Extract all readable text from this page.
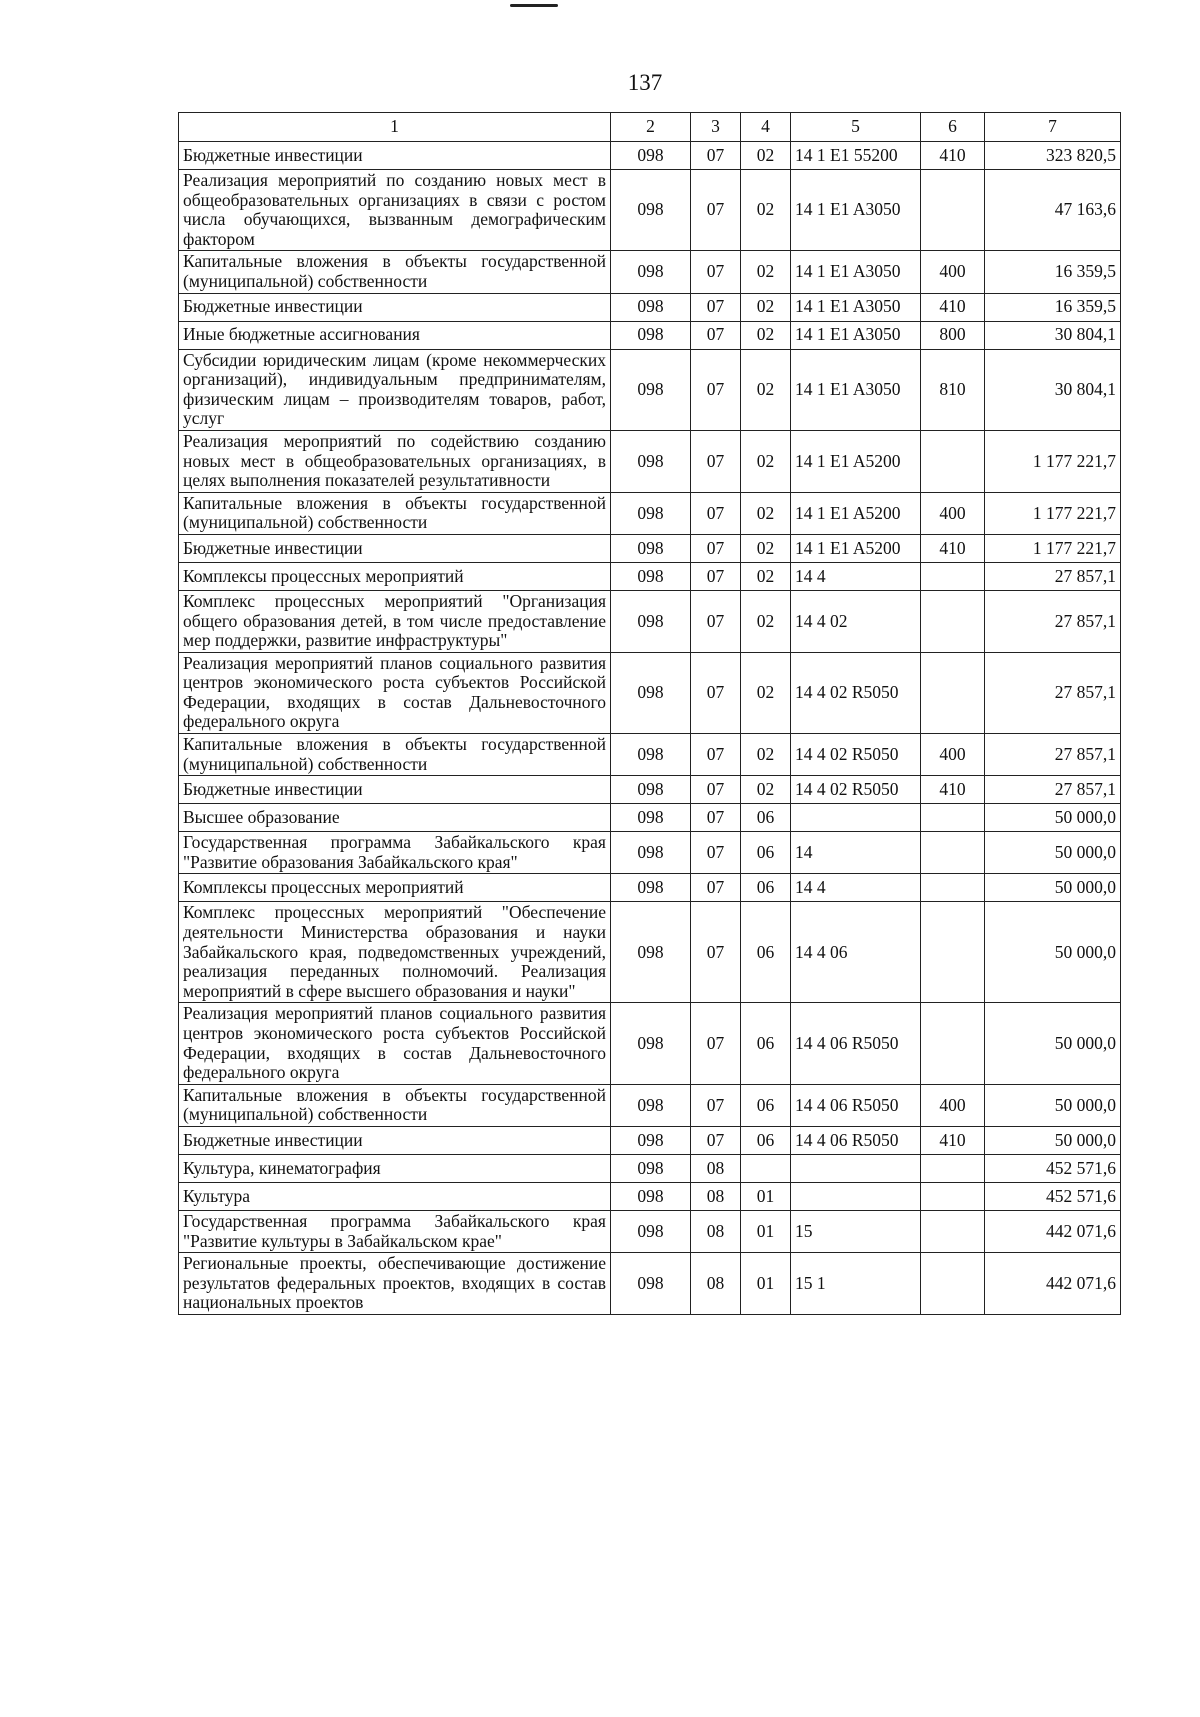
137
1	2	3	4	5	6	7
Бюджетные инвестиции	098	07	02	14 1 E1 55200	410	323 820,5
Реализация мероприятий по созданию новых мест в общеобразовательных организациях в связи с ростом числа обучающихся, вызванным демографическим фактором	098	07	02	14 1 E1 A3050		47 163,6
Капитальные вложения в объекты государственной (муниципальной) собственности	098	07	02	14 1 E1 A3050	400	16 359,5
Бюджетные инвестиции	098	07	02	14 1 E1 A3050	410	16 359,5
Иные бюджетные ассигнования	098	07	02	14 1 E1 A3050	800	30 804,1
Субсидии юридическим лицам (кроме некоммерческих организаций), индивидуальным предпринимателям, физическим лицам – производителям товаров, работ, услуг	098	07	02	14 1 E1 A3050	810	30 804,1
Реализация мероприятий по содействию созданию новых мест в общеобразовательных организациях, в целях выполнения показателей результативности	098	07	02	14 1 E1 A5200		1 177 221,7
Капитальные вложения в объекты государственной (муниципальной) собственности	098	07	02	14 1 E1 A5200	400	1 177 221,7
Бюджетные инвестиции	098	07	02	14 1 E1 A5200	410	1 177 221,7
Комплексы процессных мероприятий	098	07	02	14 4		27 857,1
Комплекс процессных мероприятий "Организация общего образования детей, в том числе предоставление мер поддержки, развитие инфраструктуры"	098	07	02	14 4 02		27 857,1
Реализация мероприятий планов социального развития центров экономического роста субъектов Российской Федерации, входящих в состав Дальневосточного федерального округа	098	07	02	14 4 02 R5050		27 857,1
Капитальные вложения в объекты государственной (муниципальной) собственности	098	07	02	14 4 02 R5050	400	27 857,1
Бюджетные инвестиции	098	07	02	14 4 02 R5050	410	27 857,1
Высшее образование	098	07	06			50 000,0
Государственная программа Забайкальского края "Развитие образования Забайкальского края"	098	07	06	14		50 000,0
Комплексы процессных мероприятий	098	07	06	14 4		50 000,0
Комплекс процессных мероприятий "Обеспечение деятельности Министерства образования и науки Забайкальского края, подведомственных учреждений, реализация переданных полномочий. Реализация мероприятий в сфере высшего образования и науки"	098	07	06	14 4 06		50 000,0
Реализация мероприятий планов социального развития центров экономического роста субъектов Российской Федерации, входящих в состав Дальневосточного федерального округа	098	07	06	14 4 06 R5050		50 000,0
Капитальные вложения в объекты государственной (муниципальной) собственности	098	07	06	14 4 06 R5050	400	50 000,0
Бюджетные инвестиции	098	07	06	14 4 06 R5050	410	50 000,0
Культура, кинематография	098	08				452 571,6
Культура	098	08	01			452 571,6
Государственная программа Забайкальского края "Развитие культуры в Забайкальском крае"	098	08	01	15		442 071,6
Региональные проекты, обеспечивающие достижение результатов федеральных проектов, входящих в состав национальных проектов	098	08	01	15 1		442 071,6
